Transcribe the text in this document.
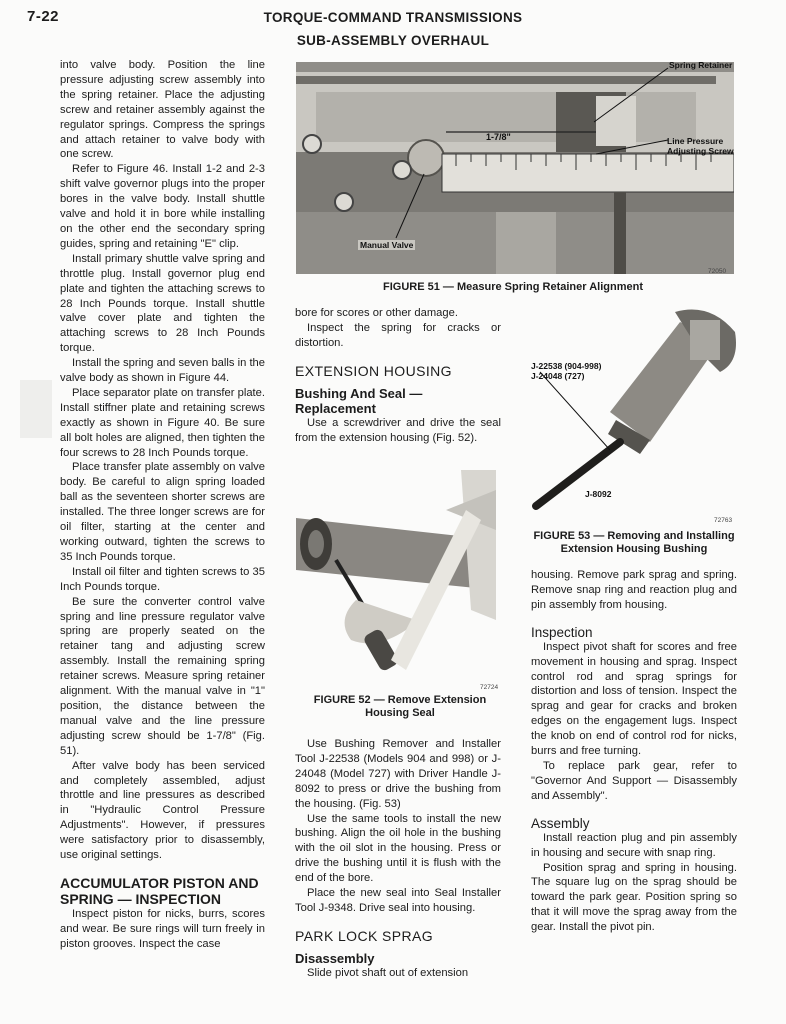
7-22	TORQUE-COMMAND TRANSMISSIONS
SUB-ASSEMBLY OVERHAUL

into valve body. Position the line pressure adjusting screw assembly into the spring retainer. Place the adjusting screw and retainer assembly against the regulator springs. Compress the springs and attach retainer to valve body with one screw.

Refer to Figure 46. Install 1-2 and 2-3 shift valve governor plugs into the proper bores in the valve body. Install shuttle valve and hold it in bore while installing on the other end the secondary spring guides, spring and retaining "E" clip.

Install primary shuttle valve spring and throttle plug. Install governor plug end plate and tighten the attaching screws to 28 Inch Pounds torque. Install shuttle valve cover plate and tighten the attaching screws to 28 Inch Pounds torque.

Install the spring and seven balls in the valve body as shown in Figure 44.

Place separator plate on transfer plate. Install stiffner plate and retaining screws exactly as shown in Figure 40. Be sure all bolt holes are aligned, then tighten the four screws to 28 Inch Pounds torque.

Place transfer plate assembly on valve body. Be careful to align spring loaded ball as the seventeen shorter screws are installed. The three longer screws are for oil filter, starting at the center and working outward, tighten the screws to 35 Inch Pounds torque.

Install oil filter and tighten screws to 35 Inch Pounds torque.

Be sure the converter control valve spring and line pressure regulator valve spring are properly seated on the retainer tang and adjusting screw assembly. Install the remaining spring retainer screws. Measure spring retainer alignment. With the manual valve in "1" position, the distance between the manual valve and the line pressure adjusting screw should be 1-7/8" (Fig. 51).

After valve body has been serviced and completely assembled, adjust throttle and line pressures as described in "Hydraulic Control Pressure Adjustments". However, if pressures were satisfactory prior to disassembly, use original settings.

ACCUMULATOR PISTON AND SPRING — INSPECTION

Inspect piston for nicks, burrs, scores and wear. Be sure rings will turn freely in piston grooves. Inspect the case

1-7/8"
Spring Retainer
Line Pressure
Adjusting Screw
Manual Valve
72050
FIGURE 51 — Measure Spring Retainer Alignment

bore for scores or other damage.

Inspect the spring for cracks or distortion.

EXTENSION HOUSING
Bushing And Seal — Replacement

Use a screwdriver and drive the seal from the extension housing (Fig. 52).

72724
FIGURE 52 — Remove Extension
Housing Seal

Use Bushing Remover and Installer Tool J-22538 (Models 904 and 998) or J-24048 (Model 727) with Driver Handle J-8092 to press or drive the bushing from the housing. (Fig. 53)

Use the same tools to install the new bushing. Align the oil hole in the bushing with the oil slot in the housing. Press or drive the bushing until it is flush with the end of the bore.

Place the new seal into Seal Installer Tool J-9348. Drive seal into housing.

PARK LOCK SPRAG
Disassembly

Slide pivot shaft out of extension

J-22538 (904-998)
J-24048 (727)
J-8092
72763
FIGURE 53 — Removing and Installing
Extension Housing Bushing

housing. Remove park sprag and spring. Remove snap ring and reaction plug and pin assembly from housing.

Inspection

Inspect pivot shaft for scores and free movement in housing and sprag. Inspect control rod and sprag springs for distortion and loss of tension. Inspect the sprag and gear for cracks and broken edges on the engagement lugs. Inspect the knob on end of control rod for nicks, burrs and free turning.

To replace park gear, refer to "Governor And Support — Disassembly and Assembly".

Assembly

Install reaction plug and pin assembly in housing and secure with snap ring.

Position sprag and spring in housing. The square lug on the sprag should be toward the park gear. Position spring so that it will move the sprag away from the gear. Install the pivot pin.
